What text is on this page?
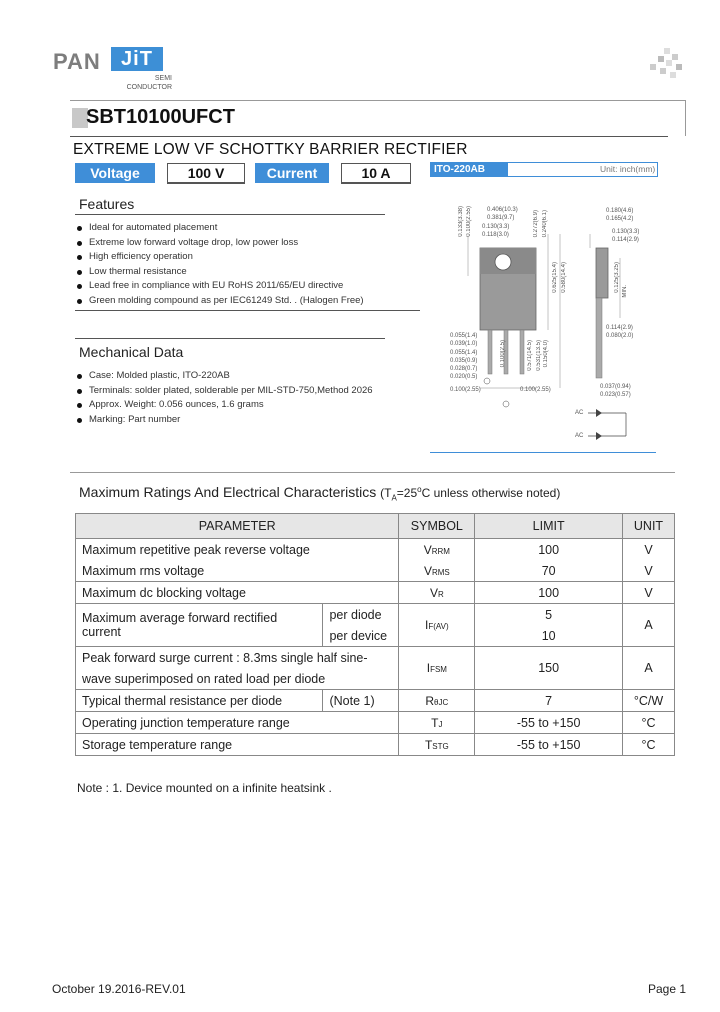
PAN	JiT
SEMI
CONDUCTOR
SBT10100UFCT
EXTREME LOW VF SCHOTTKY BARRIER RECTIFIER
Voltage	100 V	Current	10 A
Features
Ideal for automated placement
Extreme low forward voltage drop, low power loss
High efficiency operation
Low thermal resistance
Lead free in compliance with EU RoHS 2011/65/EU directive
Green molding compound as per IEC61249 Std. . (Halogen Free)
Mechanical Data
Case: Molded plastic, ITO-220AB
Terminals: solder plated, solderable per MIL-STD-750,Method 2026
Approx. Weight: 0.056 ounces, 1.6 grams
Marking: Part number
ITO-220AB	Unit: inch(mm)
0.406(10.3)
0.381(9.7)
0.130(3.3)
0.118(3.0)
0.133(3.38) 0.100(2.55)	0.272(6.9) 0.240(6.1)	0.180(4.6)
0.165(4.2)
0.130(3.3)
0.114(2.9)
0.625(15.4) 0.580(14.4)	0.125(3.25) MIN.
0.055(1.4)
0.039(1.0)
0.055(1.4)
0.035(0.9)
0.028(0.7)
0.020(0.5)
0.571(14.5) 0.531(13.5)
0.114(2.9)
0.080(2.0)
0.100(2.55)	0.100(2.55)	0.037(0.94)
0.023(0.57)
0.150(4.0)
0.100(2.5)
AC
AC
Maximum Ratings And Electrical Characteristics ($T_A=25^oC$ unless otherwise noted)
PARAMETER		SYMBOL	LIMIT	UNIT
Maximum repetitive peak reverse voltage		VRRM	100	V
Maximum rms voltage		VRMS	70	V
Maximum dc blocking voltage		VR	100	V
Maximum average forward rectified current	per diode	IF(AV)	5	A
	per device		10	
Peak forward surge current : 8.3ms single half sine-		IFSM	150	A
wave superimposed on rated load per diode				
Typical thermal resistance per diode	(Note 1)	RθJC	7	°C/W
Operating junction temperature range		TJ	-55 to +150	°C
Storage temperature range		TSTG	-55 to +150	°C
Note : 1. Device mounted on a infinite heatsink .
October 19.2016-REV.01	Page 1
